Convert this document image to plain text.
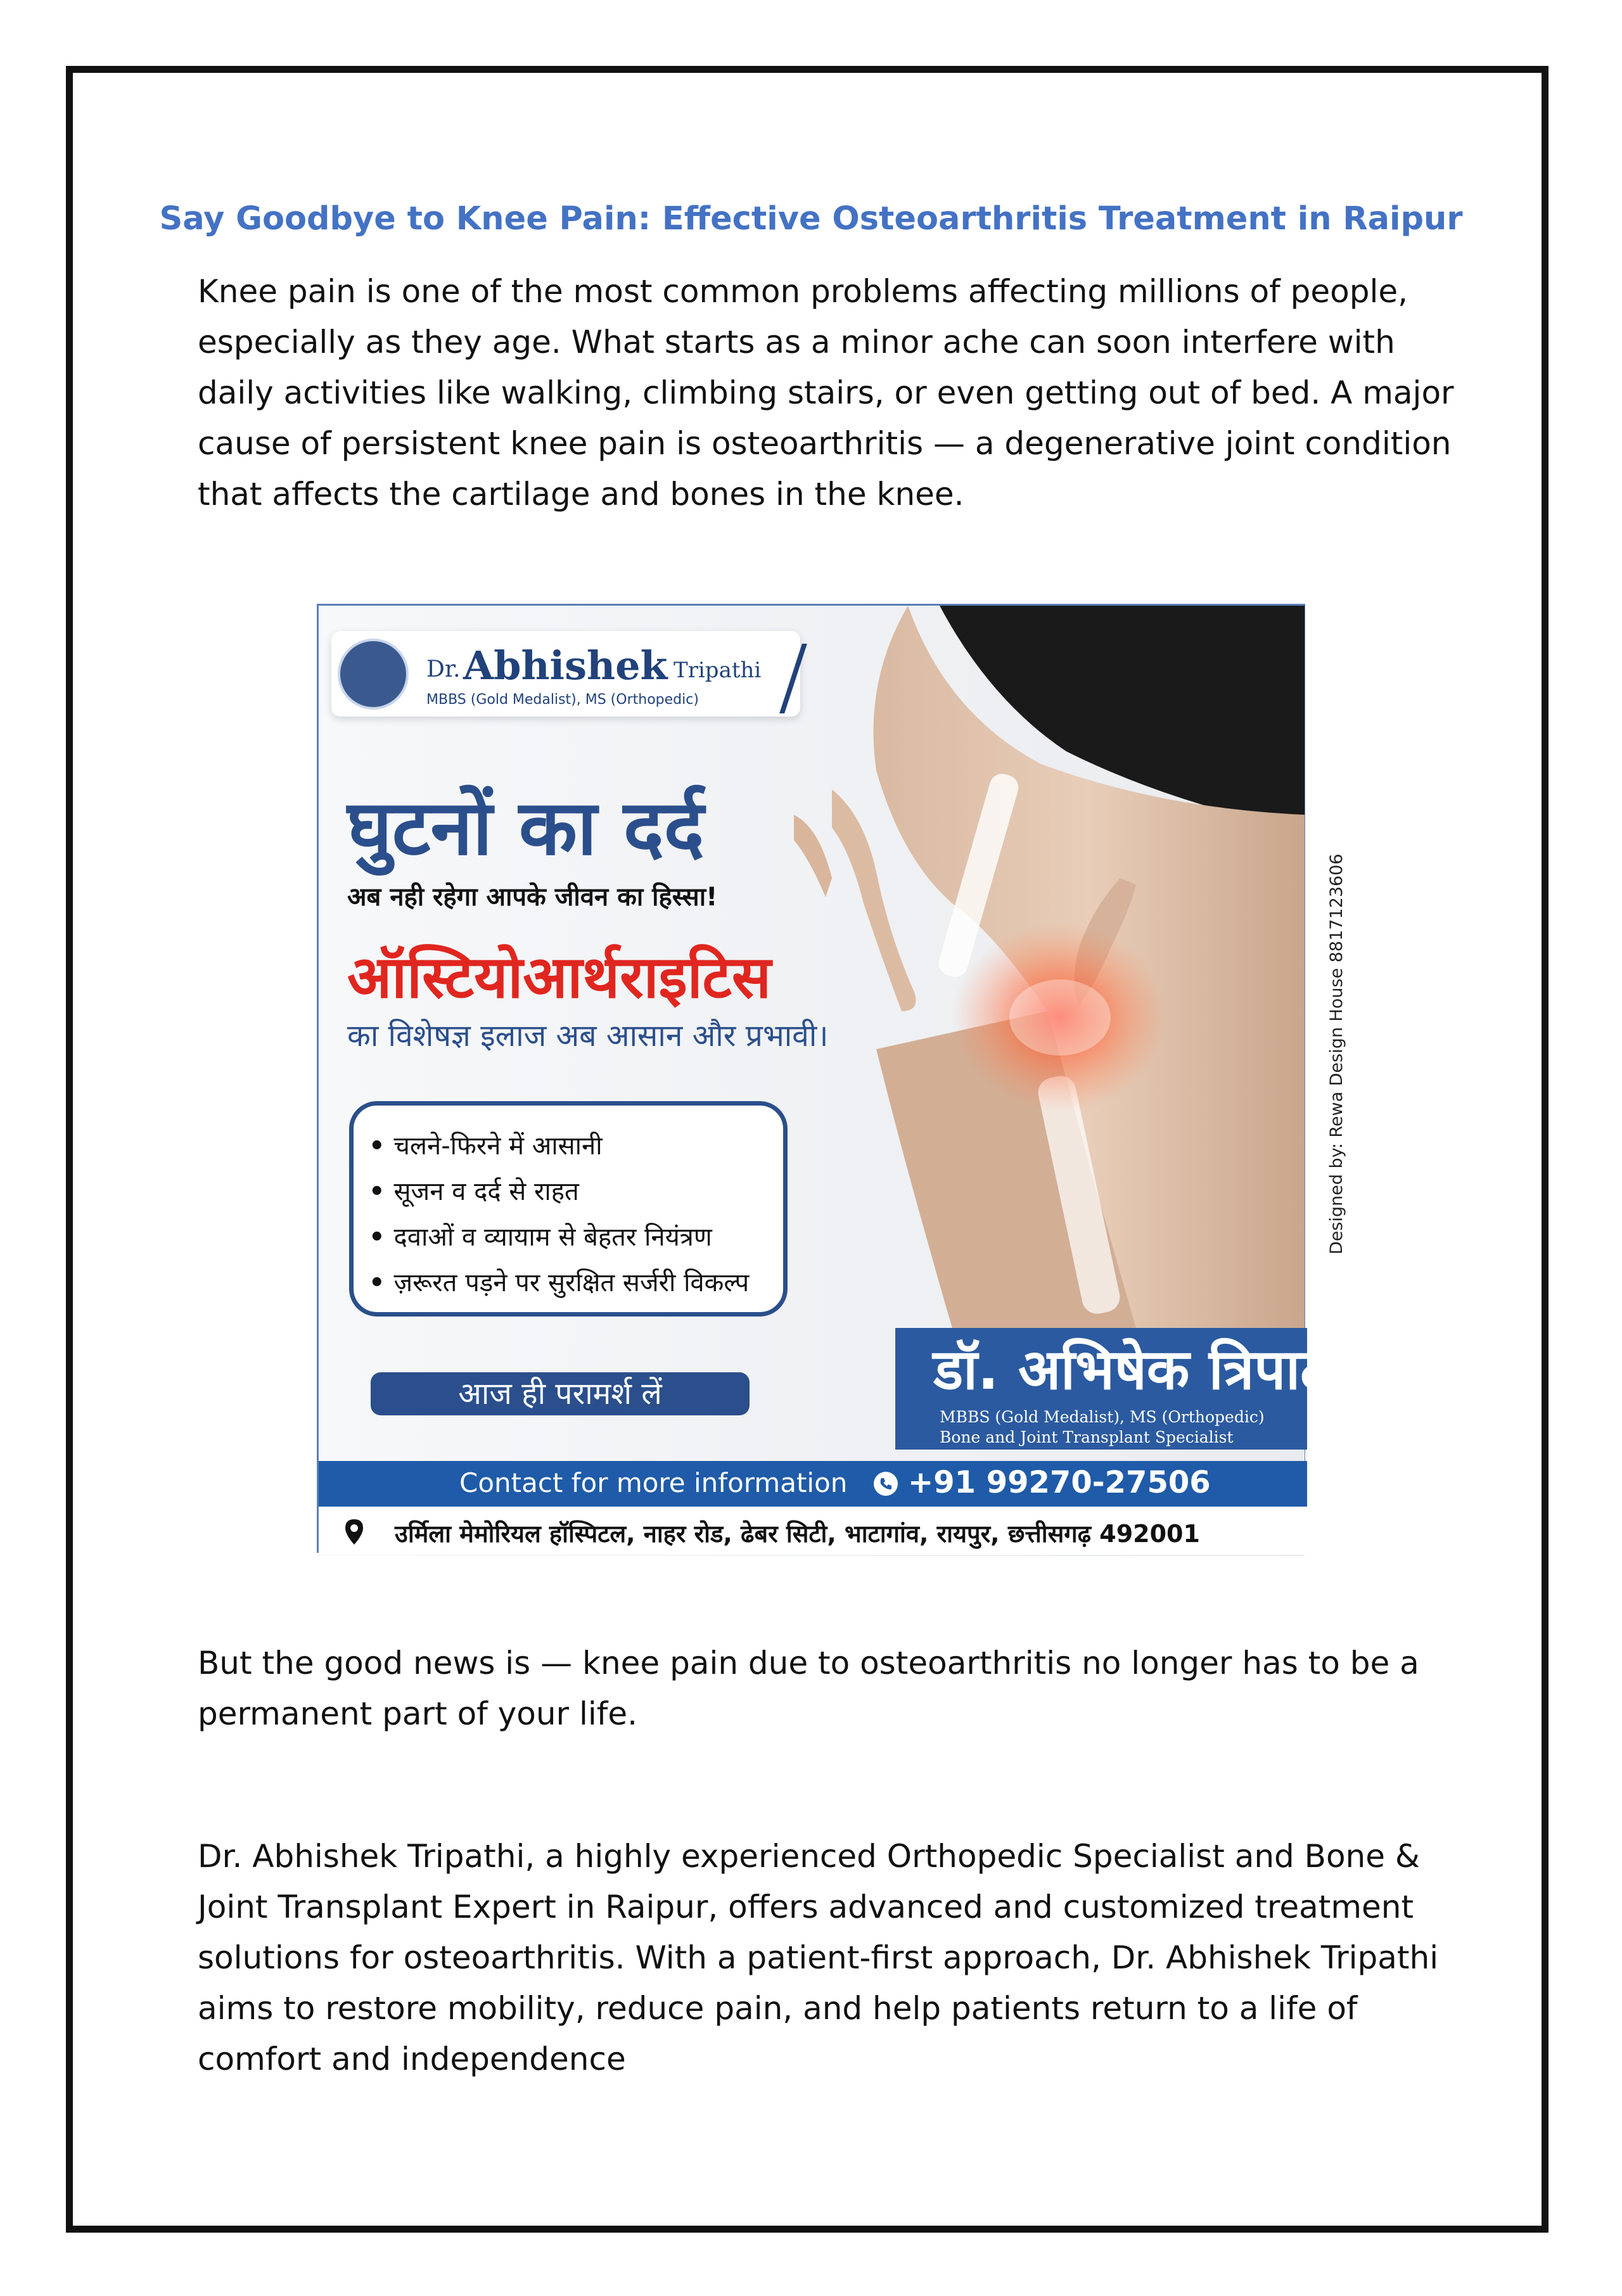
Say Goodbye to Knee Pain: Effective Osteoarthritis Treatment in Raipur

Knee pain is one of the most common problems affecting millions of people, especially as they age. What starts as a minor ache can soon interfere with daily activities like walking, climbing stairs, or even getting out of bed. A major cause of persistent knee pain is osteoarthritis — a degenerative joint condition that affects the cartilage and bones in the knee.

Dr. Abhishek Tripathi
MBBS (Gold Medalist), MS (Orthopedic)
घुटनों का दर्द
अब नही रहेगा आपके जीवन का हिस्सा!
ऑस्टियोआर्थराइटिस
का विशेषज्ञ इलाज अब आसान और प्रभावी।
• चलने-फिरने में आसानी
• सूजन व दर्द से राहत
• दवाओं व व्यायाम से बेहतर नियंत्रण
• ज़रूरत पड़ने पर सुरक्षित सर्जरी विकल्प
आज ही परामर्श लें	डॉ. अभिषेक त्रिपाठी
MBBS (Gold Medalist), MS (Orthopedic)
Bone and Joint Transplant Specialist
Contact for more information +91 99270-27506
उर्मिला मेमोरियल हॉस्पिटल, नाहर रोड, ढेबर सिटी, भाटागांव, रायपुर, छत्तीसगढ़ 492001
Designed by: Rewa Design House 8817123606

But the good news is — knee pain due to osteoarthritis no longer has to be a permanent part of your life.

Dr. Abhishek Tripathi, a highly experienced Orthopedic Specialist and Bone & Joint Transplant Expert in Raipur, offers advanced and customized treatment solutions for osteoarthritis. With a patient-first approach, Dr. Abhishek Tripathi aims to restore mobility, reduce pain, and help patients return to a life of comfort and independence
